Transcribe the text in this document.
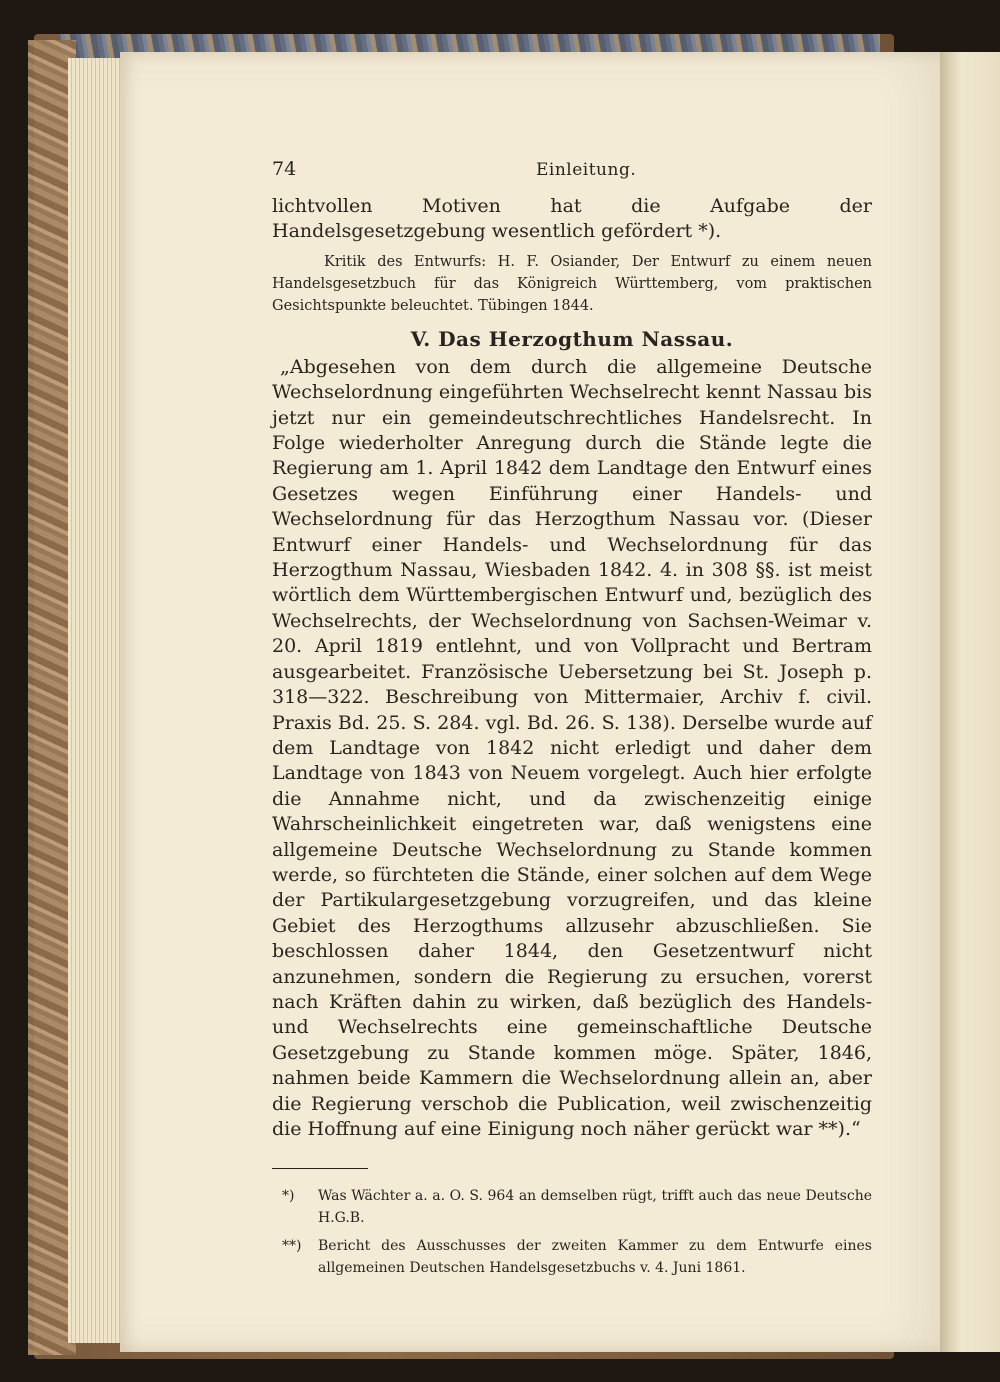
74	Einleitung.

lichtvollen Motiven hat die Aufgabe der Handelsgesetzgebung wesentlich gefördert *).

Kritik des Entwurfs: H. F. Osiander, Der Entwurf zu einem neuen Handelsgesetzbuch für das Königreich Württemberg, vom praktischen Gesichtspunkte beleuchtet. Tübingen 1844.

V. Das Herzogthum Nassau.

„Abgesehen von dem durch die allgemeine Deutsche Wechselordnung eingeführten Wechselrecht kennt Nassau bis jetzt nur ein gemeindeutschrechtliches Handelsrecht. In Folge wiederholter Anregung durch die Stände legte die Regierung am 1. April 1842 dem Landtage den Entwurf eines Gesetzes wegen Einführung einer Handels- und Wechselordnung für das Herzogthum Nassau vor. (Dieser Entwurf einer Handels- und Wechselordnung für das Herzogthum Nassau, Wiesbaden 1842. 4. in 308 §§. ist meist wörtlich dem Württembergischen Entwurf und, bezüglich des Wechselrechts, der Wechselordnung von Sachsen-Weimar v. 20. April 1819 entlehnt, und von Vollpracht und Bertram ausgearbeitet. Französische Uebersetzung bei St. Joseph p. 318—322. Beschreibung von Mittermaier, Archiv f. civil. Praxis Bd. 25. S. 284. vgl. Bd. 26. S. 138). Derselbe wurde auf dem Landtage von 1842 nicht erledigt und daher dem Landtage von 1843 von Neuem vorgelegt. Auch hier erfolgte die Annahme nicht, und da zwischenzeitig einige Wahrscheinlichkeit eingetreten war, daß wenigstens eine allgemeine Deutsche Wechselordnung zu Stande kommen werde, so fürchteten die Stände, einer solchen auf dem Wege der Partikulargesetzgebung vorzugreifen, und das kleine Gebiet des Herzogthums allzusehr abzuschließen. Sie beschlossen daher 1844, den Gesetzentwurf nicht anzunehmen, sondern die Regierung zu ersuchen, vorerst nach Kräften dahin zu wirken, daß bezüglich des Handels- und Wechselrechts eine gemeinschaftliche Deutsche Gesetzgebung zu Stande kommen möge. Später, 1846, nahmen beide Kammern die Wechselordnung allein an, aber die Regierung verschob die Publication, weil zwischenzeitig die Hoffnung auf eine Einigung noch näher gerückt war **).“

*) Was Wächter a. a. O. S. 964 an demselben rügt, trifft auch das neue Deutsche H.G.B.

**) Bericht des Ausschusses der zweiten Kammer zu dem Entwurfe eines allgemeinen Deutschen Handelsgesetzbuchs v. 4. Juni 1861.
